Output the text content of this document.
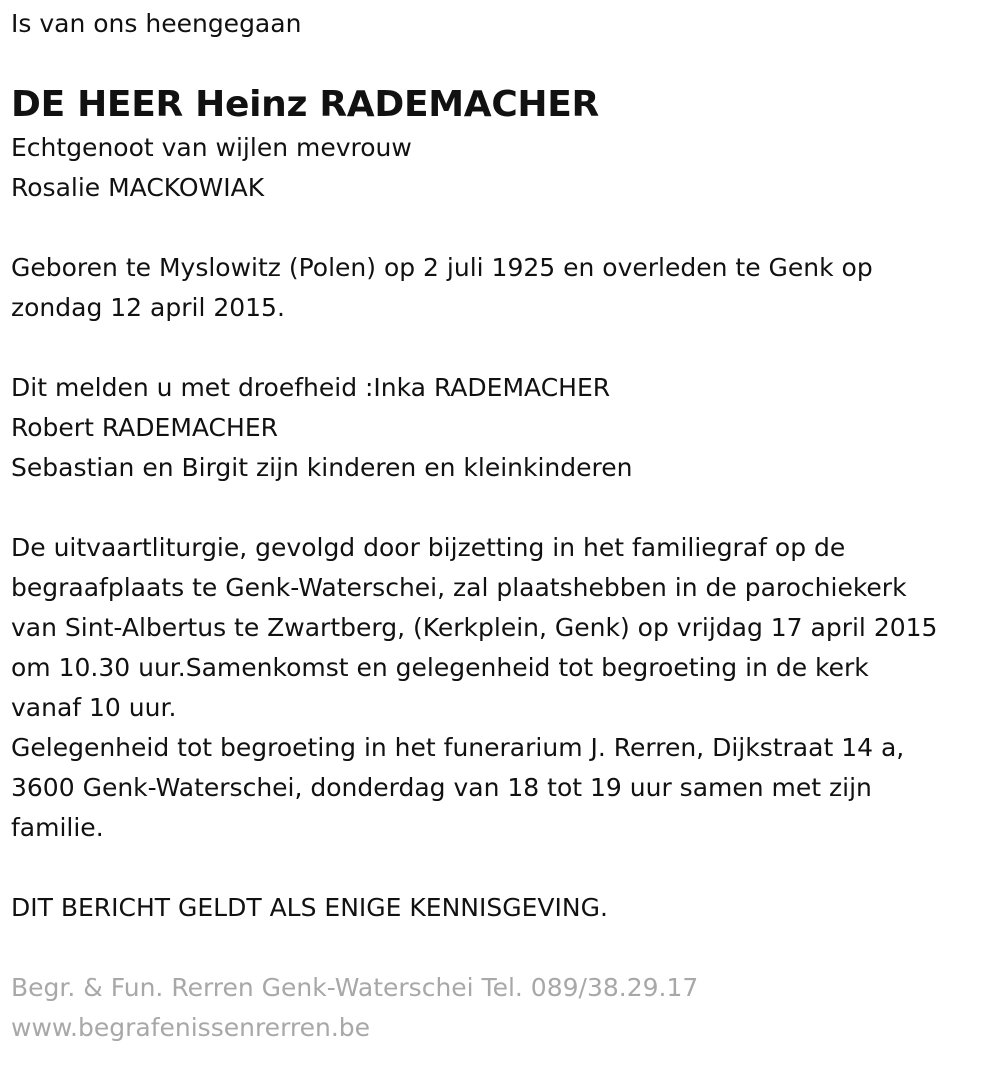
Is van ons heengegaan
DE HEER Heinz RADEMACHER
Echtgenoot van wijlen mevrouw
Rosalie MACKOWIAK
Geboren te Myslowitz (Polen) op 2 juli 1925 en overleden te Genk op
zondag 12 april 2015.
Dit melden u met droefheid :Inka RADEMACHER
Robert RADEMACHER
Sebastian en Birgit zijn kinderen en kleinkinderen
De uitvaartliturgie, gevolgd door bijzetting in het familiegraf op de
begraafplaats te Genk-Waterschei, zal plaatshebben in de parochiekerk
van Sint-Albertus te Zwartberg, (Kerkplein, Genk) op vrijdag 17 april 2015
om 10.30 uur.Samenkomst en gelegenheid tot begroeting in de kerk
vanaf 10 uur.
Gelegenheid tot begroeting in het funerarium J. Rerren, Dijkstraat 14 a,
3600 Genk-Waterschei, donderdag van 18 tot 19 uur samen met zijn
familie.
DIT BERICHT GELDT ALS ENIGE KENNISGEVING.
Begr. & Fun. Rerren Genk-Waterschei Tel. 089/38.29.17
www.begrafenissenrerren.be
